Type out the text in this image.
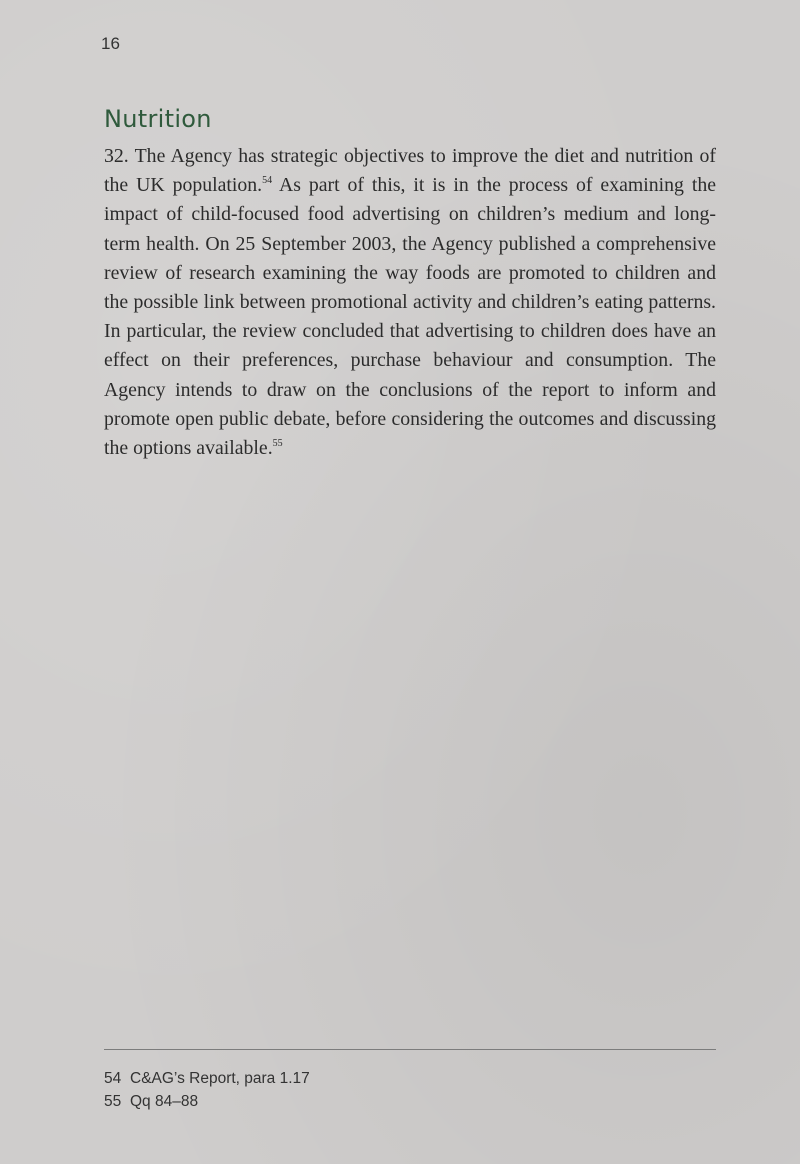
16
Nutrition

32. The Agency has strategic objectives to improve the diet and nutrition of the UK population.$^{54}$ As part of this, it is in the process of examining the impact of child-focused food advertising on children’s medium and long-term health. On 25 September 2003, the Agency published a comprehensive review of research examining the way foods are promoted to children and the possible link between promotional activity and children’s eating patterns. In particular, the review concluded that advertising to children does have an effect on their preferences, purchase behaviour and consumption. The Agency intends to draw on the conclusions of the report to inform and promote open public debate, before considering the outcomes and discussing the options available.$^{55}$

54 C&AG’s Report, para 1.17
55 Qq 84–88
